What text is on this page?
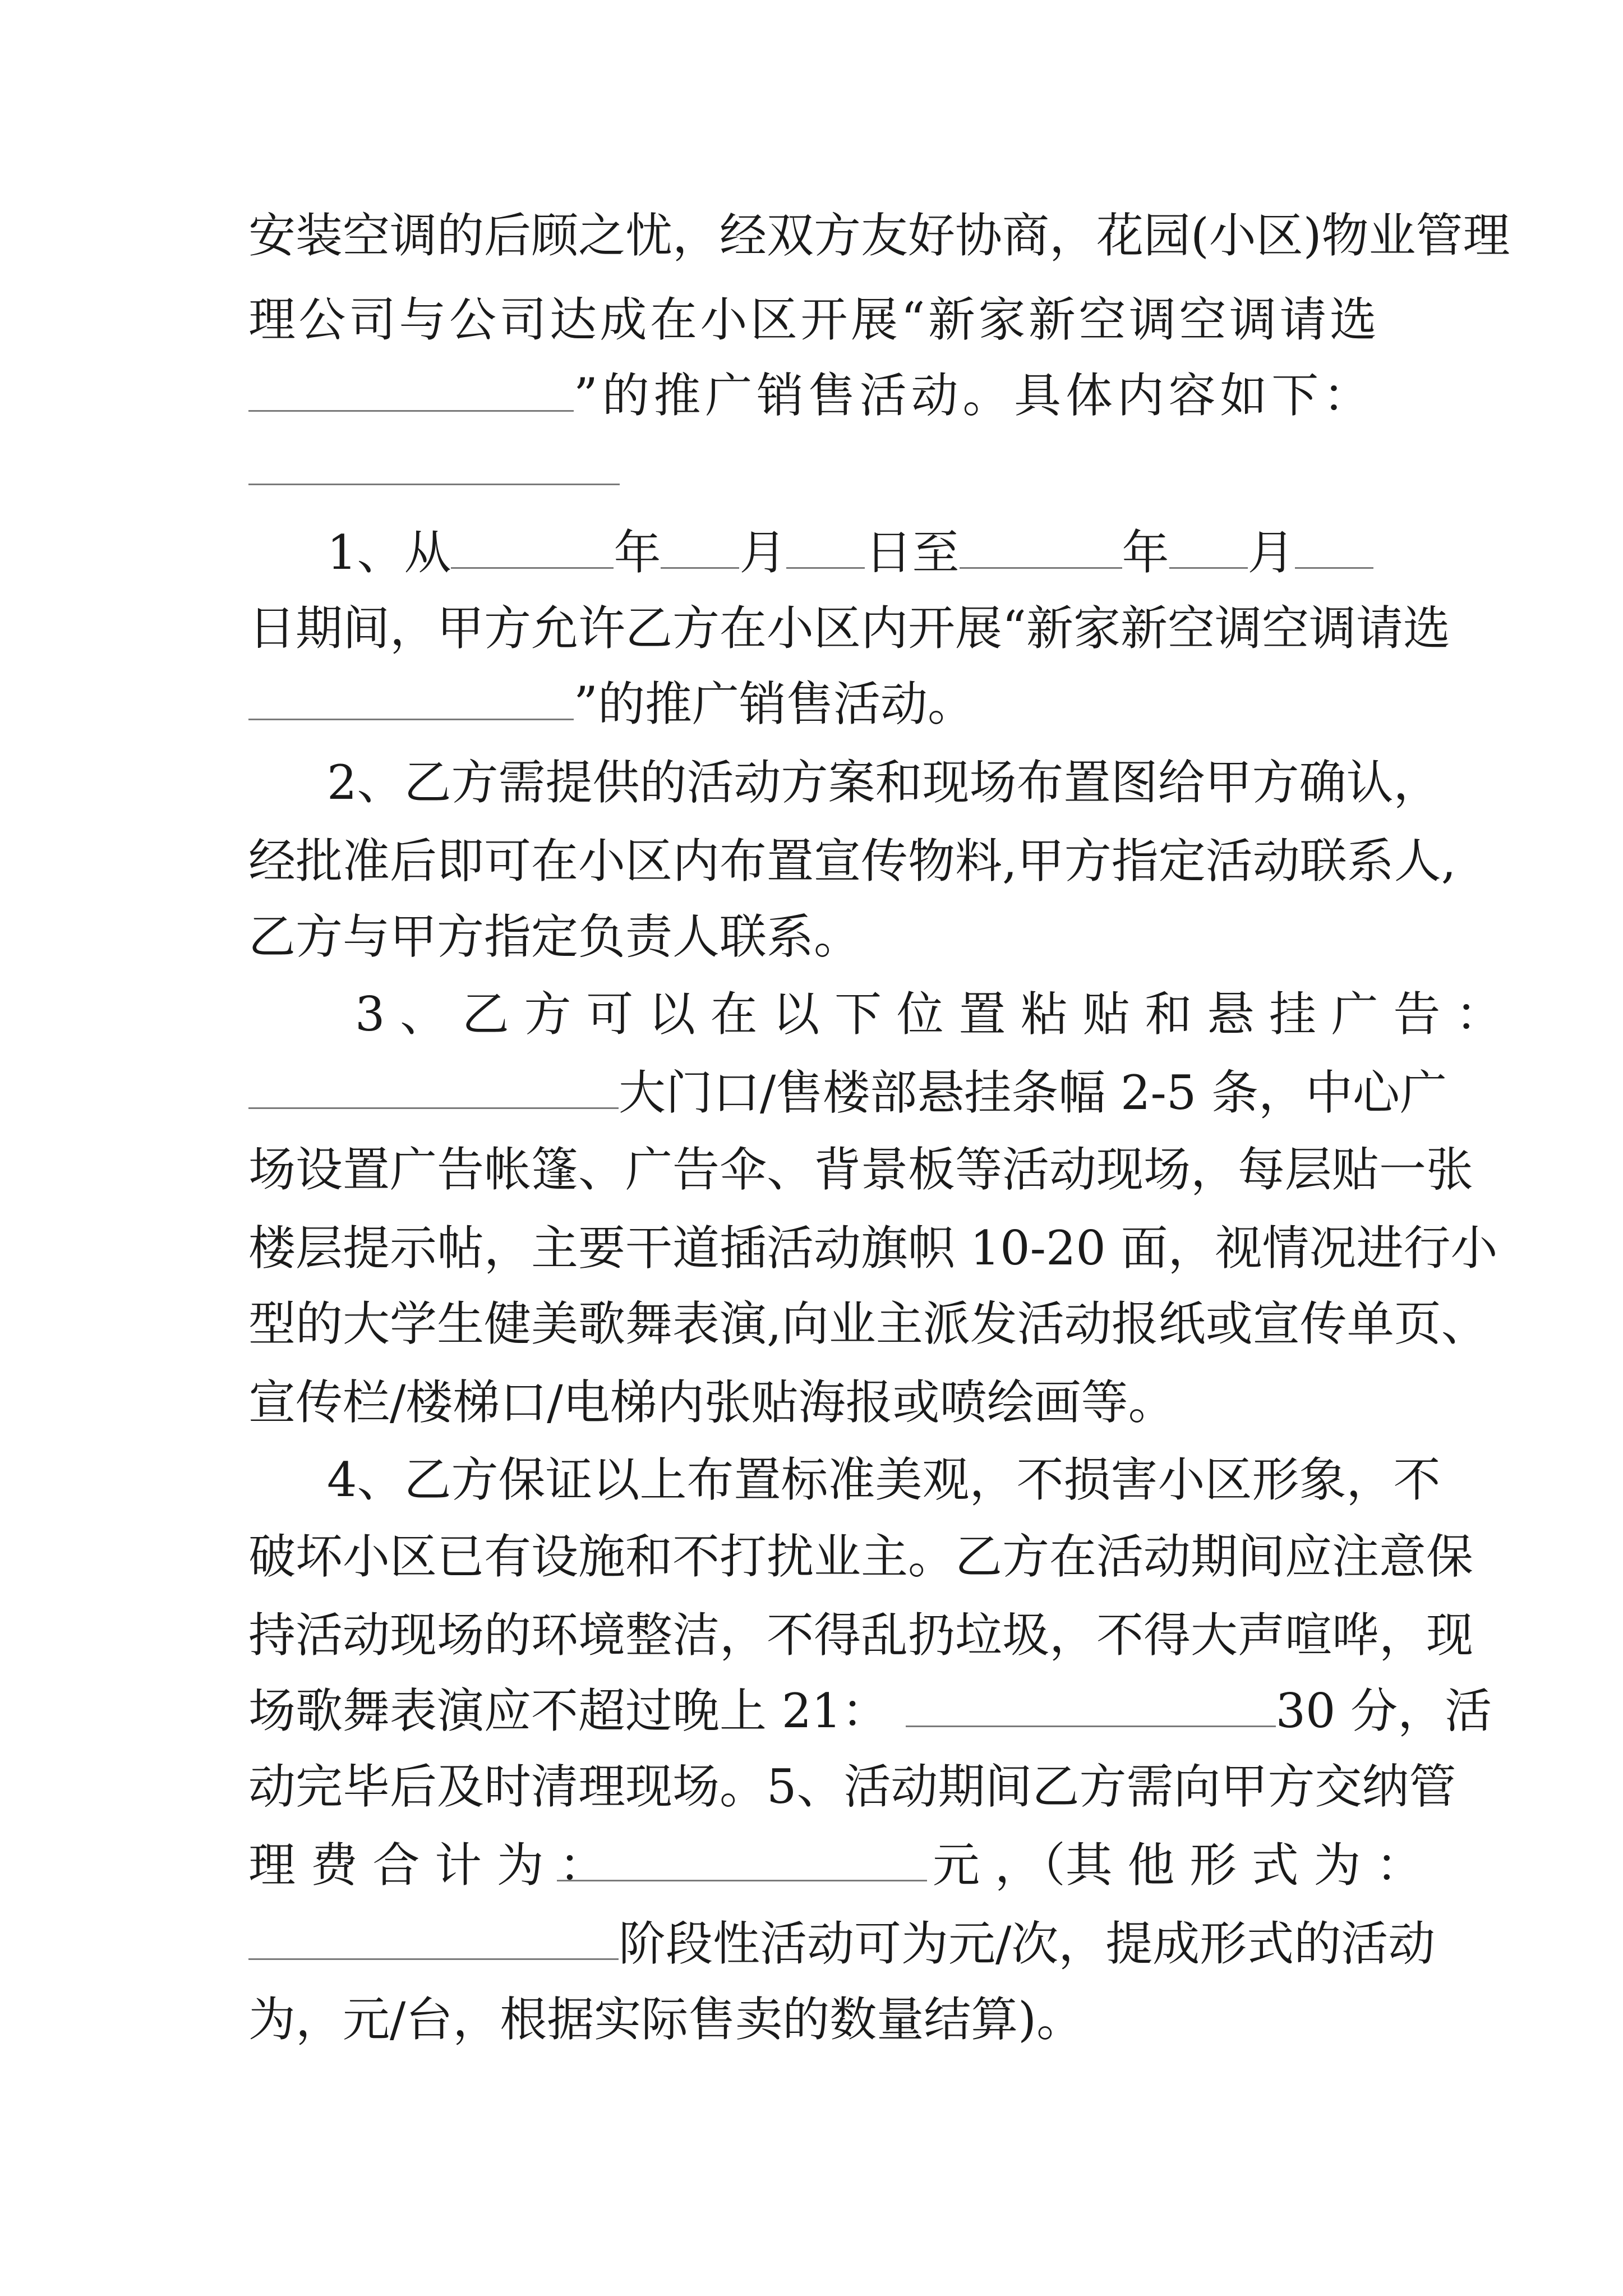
安装空调的后顾之忧，经双方友好协商，花园(小区)物业管理
理公司与公司达成在小区开展“新家新空调空调请选
”的推广销售活动。具体内容如下：
1、从	年 月 日至	年 月
日期间，甲方允许乙方在小区内开展“新家新空调空调请选
”的推广销售活动。
2、乙方需提供的活动方案和现场布置图给甲方确认，
经批准后即可在小区内布置宣传物料,甲方指定活动联系人,
乙方与甲方指定负责人联系。
3 、 乙 方 可 以 在 以 下 位 置 粘 贴 和 悬 挂 广 告 ：
大门口/售楼部悬挂条幅 2-5 条，中心广
场设置广告帐篷、广告伞、背景板等活动现场，每层贴一张
楼层提示帖，主要干道插活动旗帜 10-20 面，视情况进行小
型的大学生健美歌舞表演,向业主派发活动报纸或宣传单页、
宣传栏/楼梯口/电梯内张贴海报或喷绘画等。
4、乙方保证以上布置标准美观，不损害小区形象，不
破坏小区已有设施和不打扰业主。乙方在活动期间应注意保
持活动现场的环境整洁，不得乱扔垃圾，不得大声喧哗，现
场歌舞表演应不超过晚上 21：	30 分，活
动完毕后及时清理现场。5、活动期间乙方需向甲方交纳管
理 费 合 计 为 ：	元 ，（其 他 形 式 为 ：
阶段性活动可为元/次，提成形式的活动
为，元/台，根据实际售卖的数量结算)。
